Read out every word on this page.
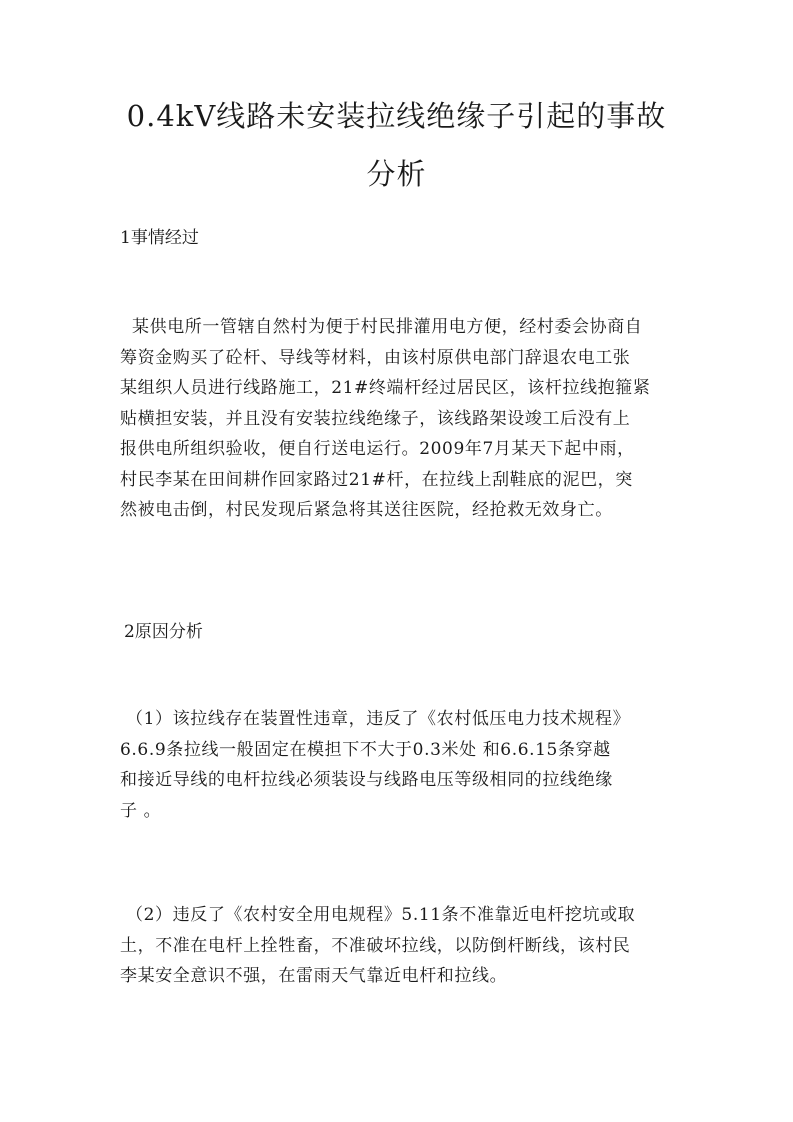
0.4kV线路未安装拉线绝缘子引起的事故
分析
1事情经过
某供电所一管辖自然村为便于村民排灌用电方便，经村委会协商自
筹资金购买了砼杆、导线等材料，由该村原供电部门辞退农电工张
某组织人员进行线路施工，21#终端杆经过居民区，该杆拉线抱箍紧
贴横担安装，并且没有安装拉线绝缘子，该线路架设竣工后没有上
报供电所组织验收，便自行送电运行。2009年7月某天下起中雨，
村民李某在田间耕作回家路过21#杆，在拉线上刮鞋底的泥巴，突
然被电击倒，村民发现后紧急将其送往医院，经抢救无效身亡。
2原因分析
（1）该拉线存在装置性违章，违反了《农村低压电力技术规程》
6.6.9条拉线一般固定在模担下不大于0.3米处 和6.6.15条穿越
和接近导线的电杆拉线必须装设与线路电压等级相同的拉线绝缘
子 。
（2）违反了《农村安全用电规程》5.11条不准靠近电杆挖坑或取
土，不准在电杆上拴牲畜，不准破坏拉线，以防倒杆断线，该村民
李某安全意识不强，在雷雨天气靠近电杆和拉线。
